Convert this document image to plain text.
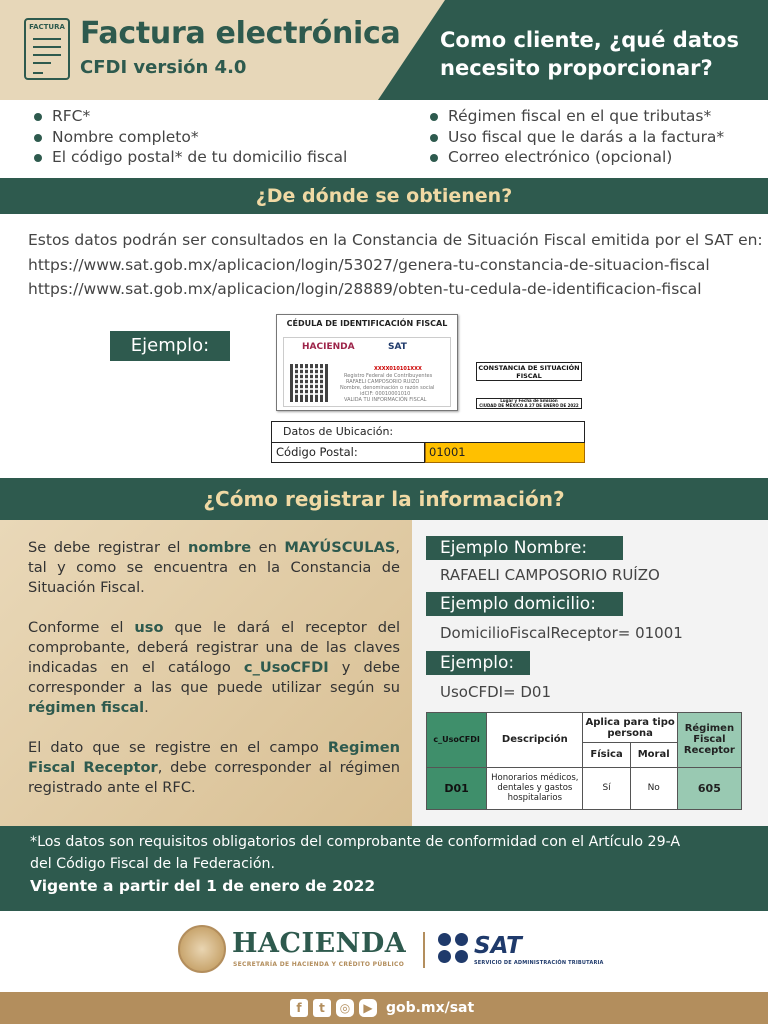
FACTURA Factura electrónica
CFDI versión 4.0
Como cliente, ¿qué datos necesito proporcionar?
RFC*
Nombre completo*
El código postal* de tu domicilio fiscal
Régimen fiscal en el que tributas*
Uso fiscal que le darás a la factura*
Correo electrónico (opcional)
¿De dónde se obtienen?
Estos datos podrán ser consultados en la Constancia de Situación Fiscal emitida por el SAT en:
https://www.sat.gob.mx/aplicacion/login/53027/genera-tu-constancia-de-situacion-fiscal
https://www.sat.gob.mx/aplicacion/login/28889/obten-tu-cedula-de-identificacion-fiscal
Ejemplo:
CÉDULA DE IDENTIFICACIÓN FISCAL
HACIENDA	SAT
XXXX010101XXX
Registro Federal de Contribuyentes
RAFAELI CAMPOSORIO RUIZO
Nombre, denominación o razón social
idCIF: 00010001010
VALIDA TU INFORMACIÓN FISCAL
CONSTANCIA DE SITUACIÓN FISCAL
Lugar y Fecha de Emisión
CIUDAD DE MÉXICO A 27 DE ENERO DE 2022
Datos de Ubicación:
Código Postal:	01001
¿Cómo registrar la información?

Se debe registrar el nombre en MAYÚSCULAS, tal y como se encuentra en la Constancia de Situación Fiscal.

Conforme el uso que le dará el receptor del comprobante, deberá registrar una de las claves indicadas en el catálogo c_UsoCFDI y debe corresponder a las que puede utilizar según su régimen fiscal.

El dato que se registre en el campo Regimen Fiscal Receptor, debe corresponder al régimen registrado ante el RFC.

Ejemplo Nombre:
RAFAELI CAMPOSORIO RUÍZO
Ejemplo domicilio:
DomicilioFiscalReceptor= 01001
Ejemplo:
UsoCFDI= D01
c_UsoCFDI	Descripción	Aplica para tipo persona		Régimen Fiscal Receptor
		Física	Moral	
D01	Honorarios médicos, dentales y gastos hospitalarios	Sí	No	605
*Los datos son requisitos obligatorios del comprobante de conformidad con el Artículo 29-A
del Código Fiscal de la Federación.
Vigente a partir del 1 de enero de 2022
HACIENDA
SECRETARÍA DE HACIENDA Y CRÉDITO PÚBLICO
SAT
SERVICIO DE ADMINISTRACIÓN TRIBUTARIA
f	t	◎	▶ gob.mx/sat
